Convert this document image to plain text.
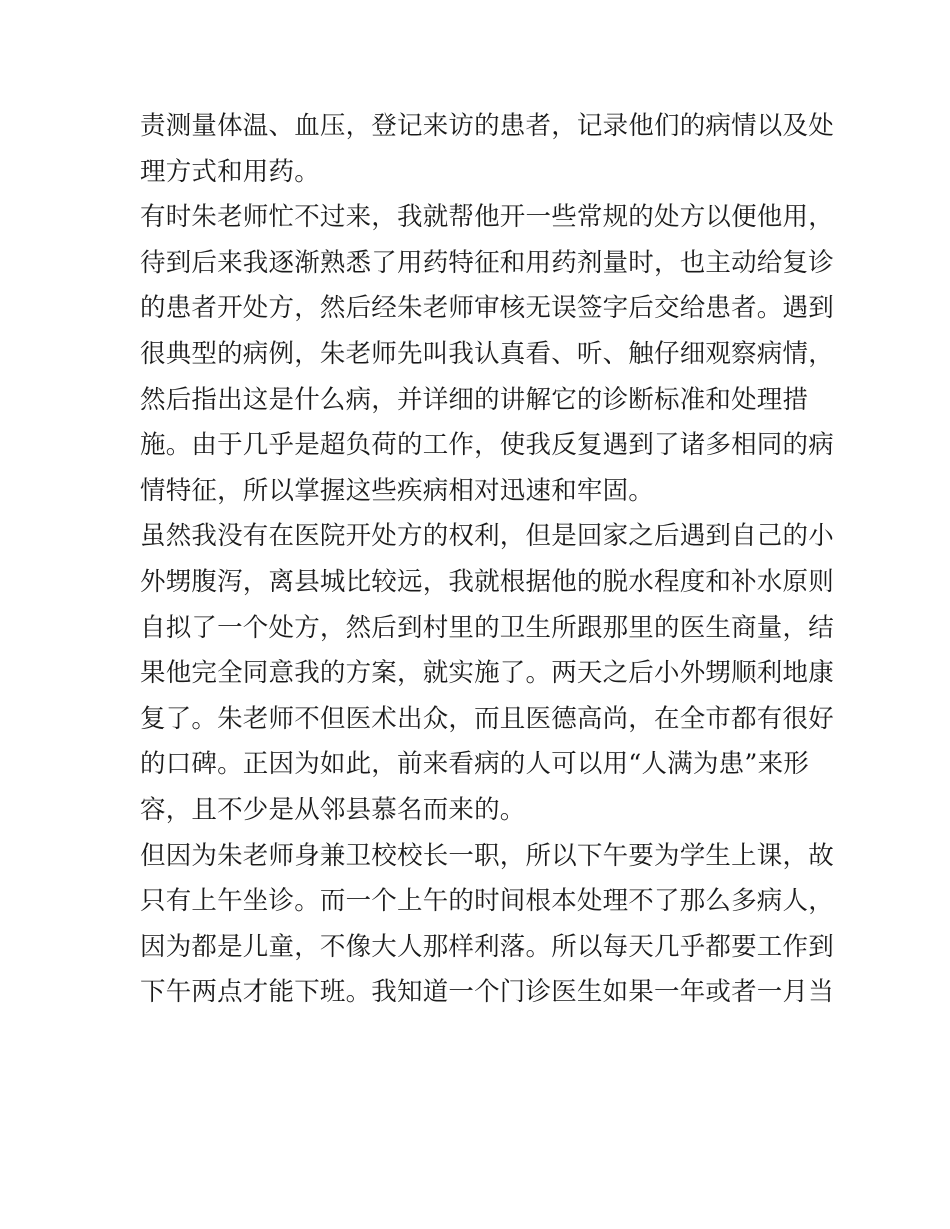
责测量体温、血压，登记来访的患者，记录他们的病情以及处
理方式和用药。
有时朱老师忙不过来，我就帮他开一些常规的处方以便他用，
待到后来我逐渐熟悉了用药特征和用药剂量时，也主动给复诊
的患者开处方，然后经朱老师审核无误签字后交给患者。遇到
很典型的病例，朱老师先叫我认真看、听、触仔细观察病情，
然后指出这是什么病，并详细的讲解它的诊断标准和处理措
施。由于几乎是超负荷的工作，使我反复遇到了诸多相同的病
情特征，所以掌握这些疾病相对迅速和牢固。
虽然我没有在医院开处方的权利，但是回家之后遇到自己的小
外甥腹泻，离县城比较远，我就根据他的脱水程度和补水原则
自拟了一个处方，然后到村里的卫生所跟那里的医生商量，结
果他完全同意我的方案，就实施了。两天之后小外甥顺利地康
复了。朱老师不但医术出众，而且医德高尚，在全市都有很好
的口碑。正因为如此，前来看病的人可以用“人满为患”来形
容，且不少是从邻县慕名而来的。
但因为朱老师身兼卫校校长一职，所以下午要为学生上课，故
只有上午坐诊。而一个上午的时间根本处理不了那么多病人，
因为都是儿童，不像大人那样利落。所以每天几乎都要工作到
下午两点才能下班。我知道一个门诊医生如果一年或者一月当
